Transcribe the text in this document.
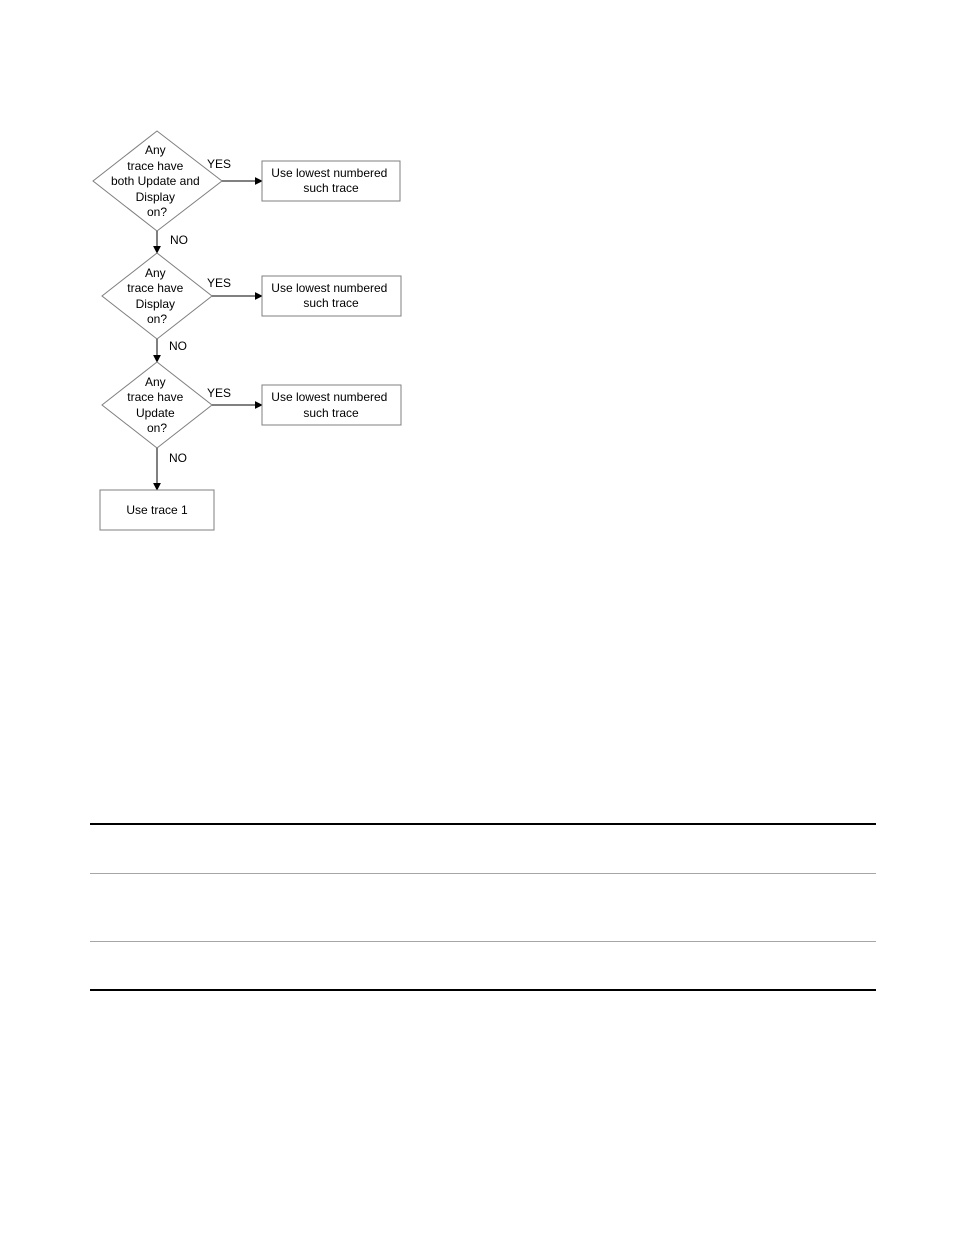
Any trace have both Update and Display on?
YES
Use lowest numbered such trace
NO
Any trace have Display on?
YES	Use lowest numbered such trace
NO
Any trace have Update on?
YES	Use lowest numbered such trace
NO
Use trace 1
